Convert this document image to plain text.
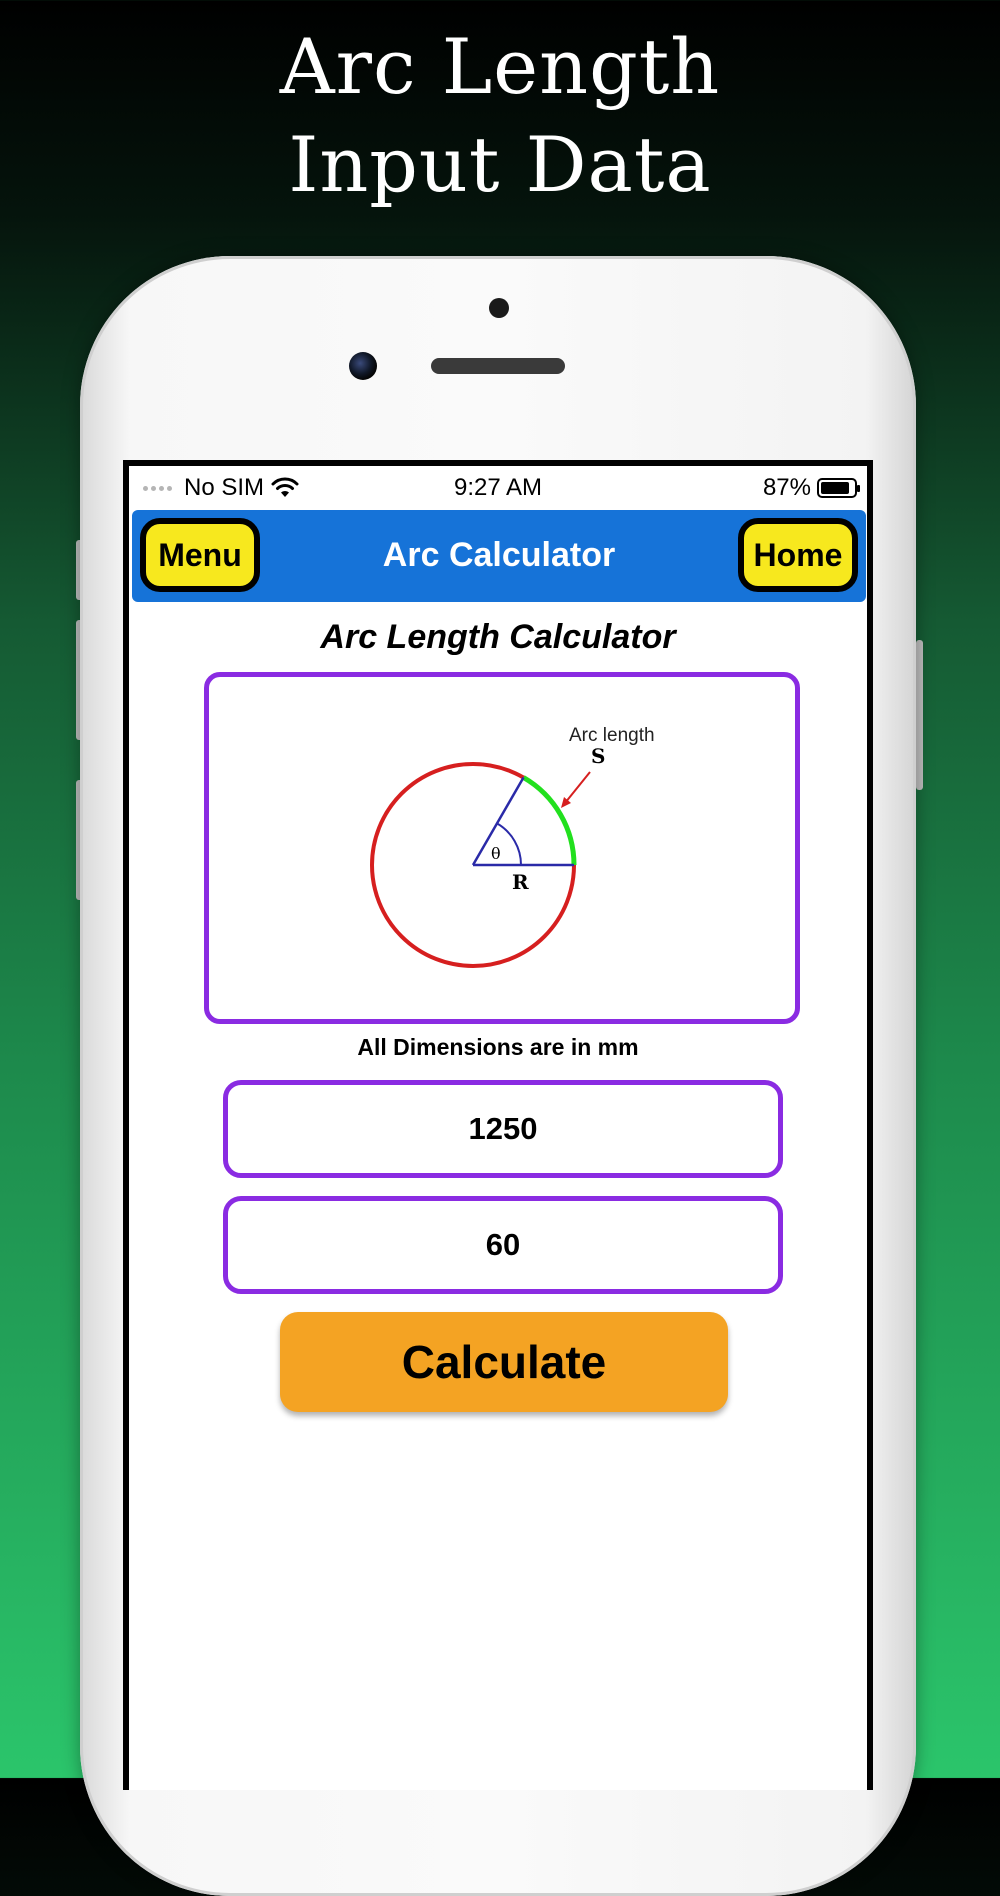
Arc Length
Input Data
No SIM	9:27 AM	87%
Menu	Arc Calculator	Home
Arc Length Calculator
θ
R
Arc length
S
All Dimensions are in mm
1250
60
Calculate
